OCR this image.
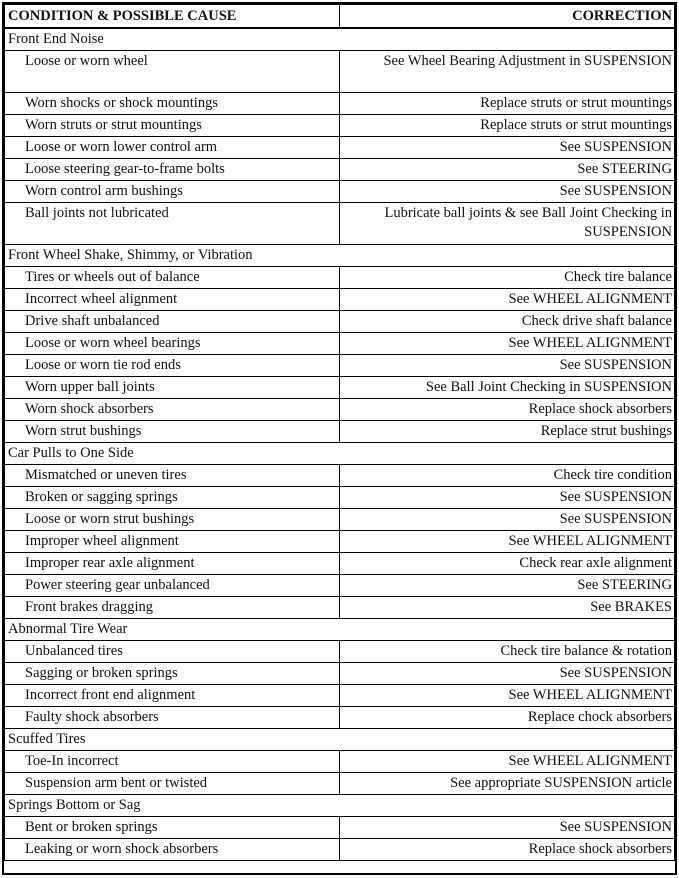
CONDITION & POSSIBLE CAUSE	CORRECTION
Front End Noise	
Loose or worn wheel	See Wheel Bearing Adjustment in SUSPENSION
Worn shocks or shock mountings	Replace struts or strut mountings
Worn struts or strut mountings	Replace struts or strut mountings
Loose or worn lower control arm	See SUSPENSION
Loose steering gear-to-frame bolts	See STEERING
Worn control arm bushings	See SUSPENSION
Ball joints not lubricated	Lubricate ball joints & see Ball Joint Checking in SUSPENSION
Front Wheel Shake, Shimmy, or Vibration	
Tires or wheels out of balance	Check tire balance
Incorrect wheel alignment	See WHEEL ALIGNMENT
Drive shaft unbalanced	Check drive shaft balance
Loose or worn wheel bearings	See WHEEL ALIGNMENT
Loose or worn tie rod ends	See SUSPENSION
Worn upper ball joints	See Ball Joint Checking in SUSPENSION
Worn shock absorbers	Replace shock absorbers
Worn strut bushings	Replace strut bushings
Car Pulls to One Side	
Mismatched or uneven tires	Check tire condition
Broken or sagging springs	See SUSPENSION
Loose or worn strut bushings	See SUSPENSION
Improper wheel alignment	See WHEEL ALIGNMENT
Improper rear axle alignment	Check rear axle alignment
Power steering gear unbalanced	See STEERING
Front brakes dragging	See BRAKES
Abnormal Tire Wear	
Unbalanced tires	Check tire balance & rotation
Sagging or broken springs	See SUSPENSION
Incorrect front end alignment	See WHEEL ALIGNMENT
Faulty shock absorbers	Replace chock absorbers
Scuffed Tires	
Toe-In incorrect	See WHEEL ALIGNMENT
Suspension arm bent or twisted	See appropriate SUSPENSION article
Springs Bottom or Sag	
Bent or broken springs	See SUSPENSION
Leaking or worn shock absorbers	Replace shock absorbers
